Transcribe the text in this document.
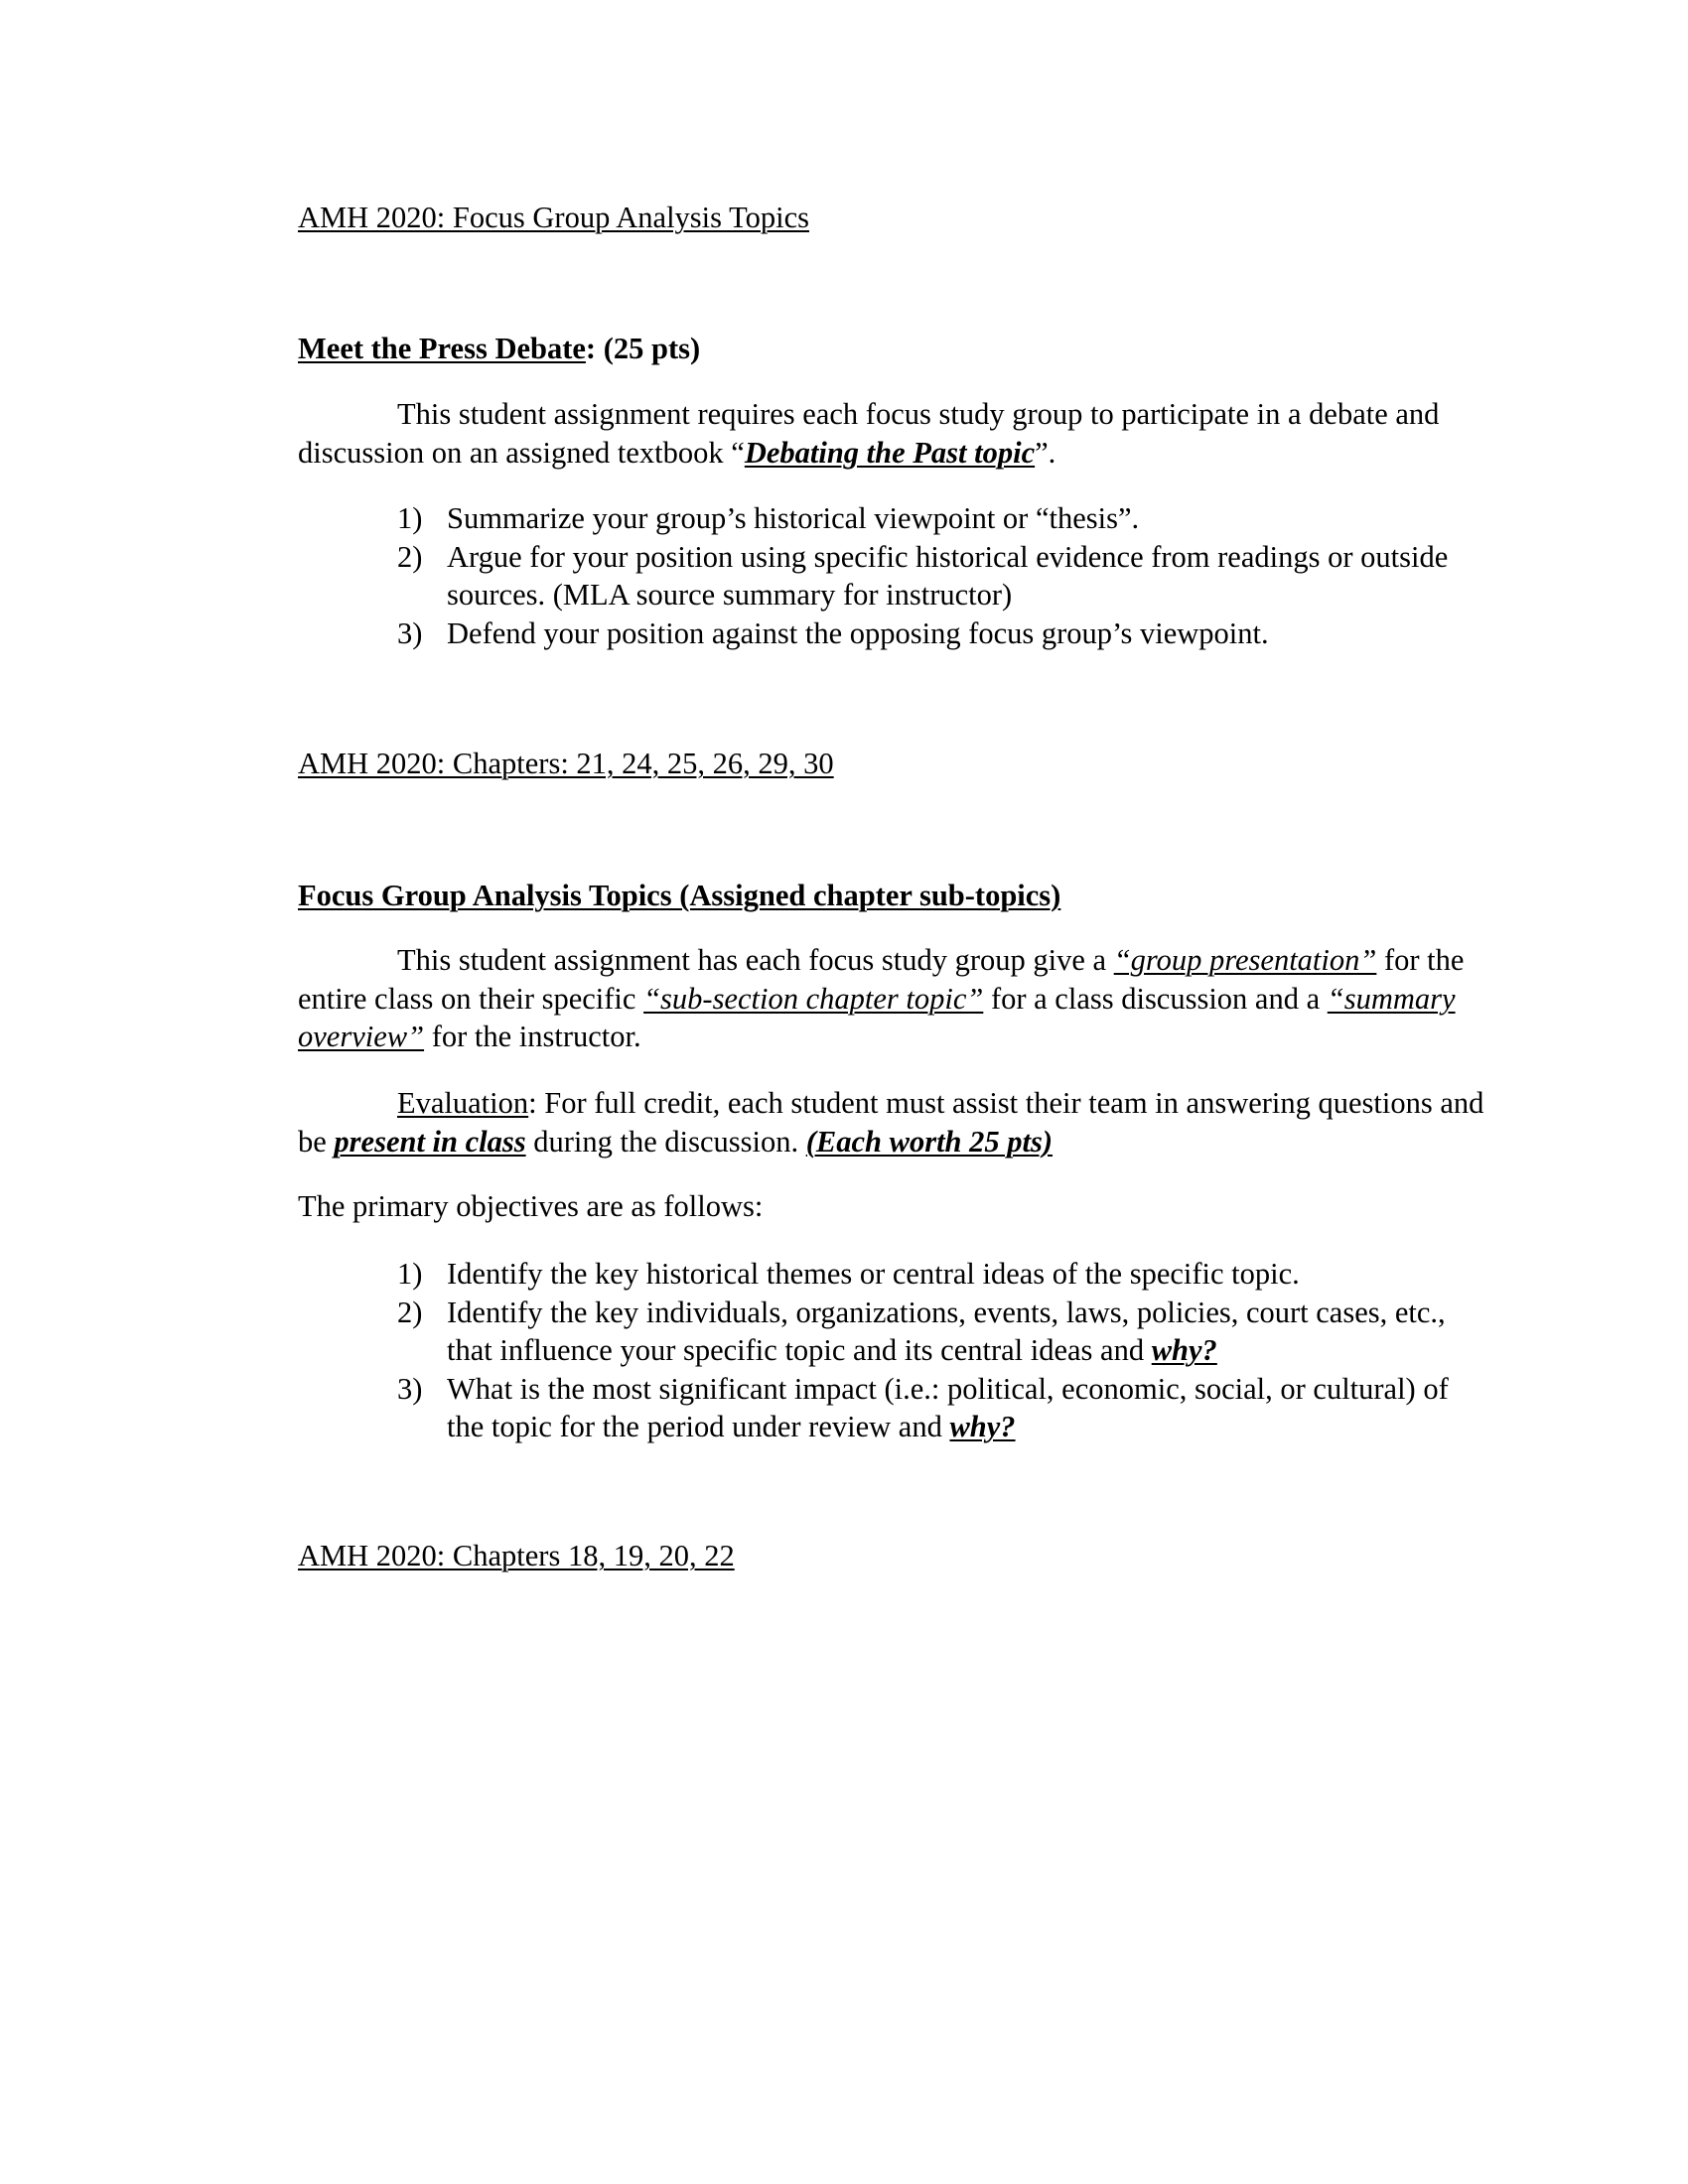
AMH 2020: Focus Group Analysis Topics
Meet the Press Debate: (25 pts)
This student assignment requires each focus study group to participate in a debate and discussion on an assigned textbook “Debating the Past topic”.
1) Summarize your group’s historical viewpoint or “thesis”.
2) Argue for your position using specific historical evidence from readings or outside sources. (MLA source summary for instructor)
3) Defend your position against the opposing focus group’s viewpoint.
AMH 2020: Chapters: 21, 24, 25, 26, 29, 30
Focus Group Analysis Topics (Assigned chapter sub-topics)
This student assignment has each focus study group give a “group presentation” for the entire class on their specific “sub-section chapter topic” for a class discussion and a “summary overview” for the instructor.
Evaluation: For full credit, each student must assist their team in answering questions and be present in class during the discussion. (Each worth 25 pts)
The primary objectives are as follows:
1) Identify the key historical themes or central ideas of the specific topic.
2) Identify the key individuals, organizations, events, laws, policies, court cases, etc., that influence your specific topic and its central ideas and why?
3) What is the most significant impact (i.e.: political, economic, social, or cultural) of the topic for the period under review and why?
AMH 2020: Chapters 18, 19, 20, 22
